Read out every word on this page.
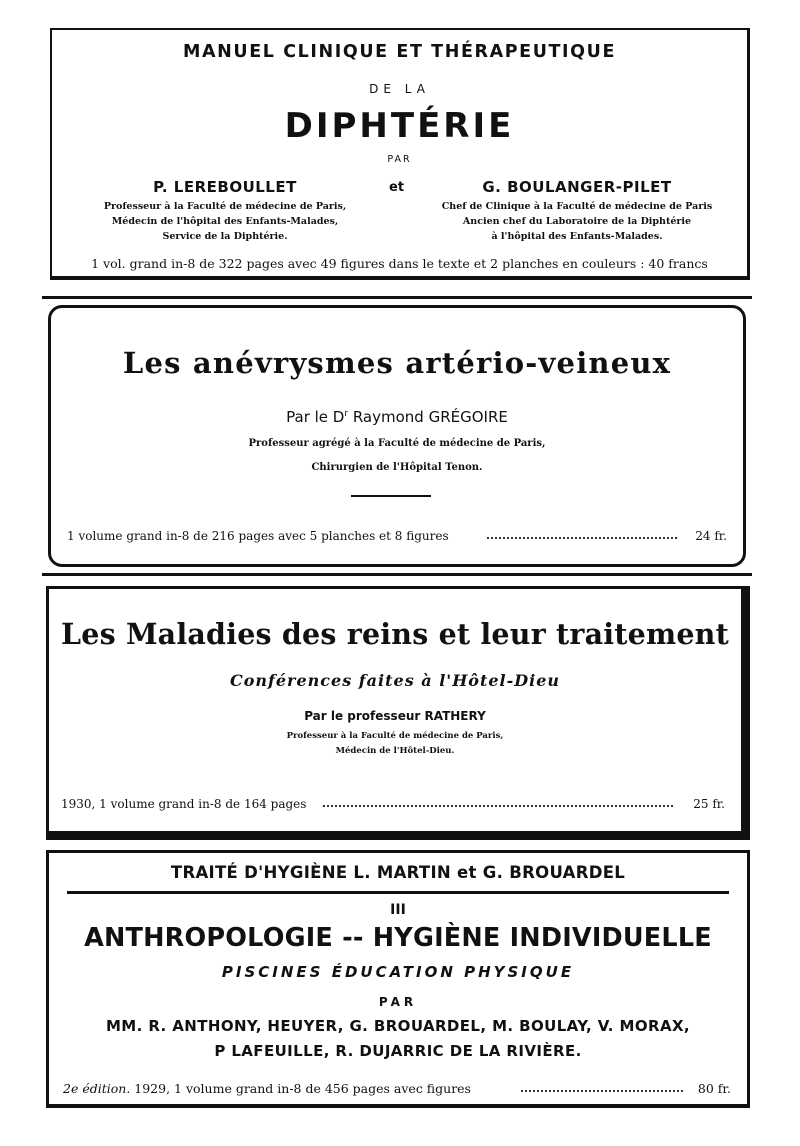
MANUEL CLINIQUE ET THÉRAPEUTIQUE
DE LA
DIPHTÉRIE
PAR
P. LEREBOULLET
Professeur à la Faculté de médecine de Paris,
Médecin de l'hôpital des Enfants-Malades,
Service de la Diphtérie.
et	G. BOULANGER-PILET
Chef de Clinique à la Faculté de médecine de Paris
Ancien chef du Laboratoire de la Diphtérie
à l'hôpital des Enfants-Malades.
1 vol. grand in-8 de 322 pages avec 49 figures dans le texte et 2 planches en couleurs : 40 francs
Les anévrysmes artério-veineux
Par le $D^r$ Raymond GRÉGOIRE
Professeur agrégé à la Faculté de médecine de Paris,
Chirurgien de l'Hôpital Tenon.
1 volume grand in-8 de 216 pages avec 5 planches et 8 figures	24 fr.
Les Maladies des reins et leur traitement
Conférences faites à l'Hôtel-Dieu
Par le professeur RATHERY
Professeur à la Faculté de médecine de Paris,
Médecin de l'Hôtel-Dieu.
1930, 1 volume grand in-8 de 164 pages	25 fr.
TRAITÉ D'HYGIÈNE L. MARTIN et G. BROUARDEL
III
ANTHROPOLOGIE -- HYGIÈNE INDIVIDUELLE
PISCINES ÉDUCATION PHYSIQUE
PAR
MM. R. ANTHONY, HEUYER, G. BROUARDEL, M. BOULAY, V. MORAX,
P LAFEUILLE, R. DUJARRIC DE LA RIVIÈRE.
2e édition. 1929, 1 volume grand in-8 de 456 pages avec figures	80 fr.
